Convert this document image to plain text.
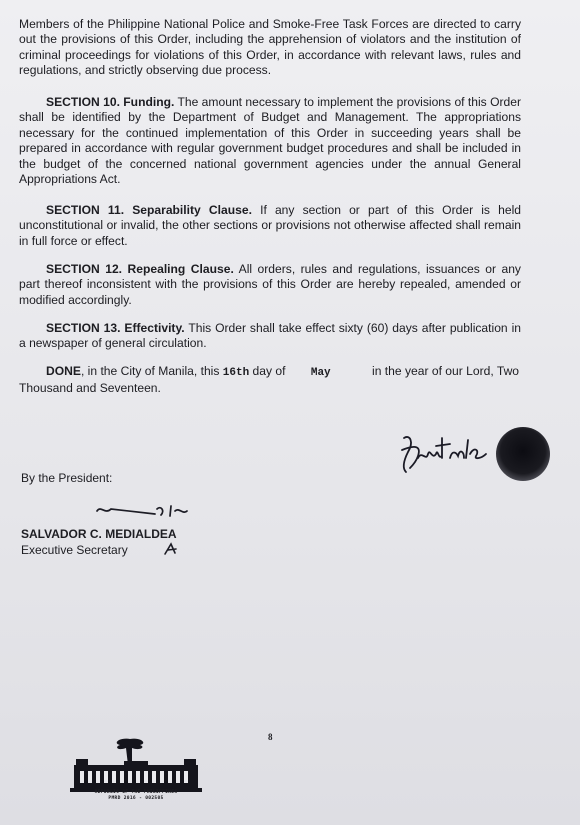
Members of the Philippine National Police and Smoke-Free Task Forces are directed to carry out the provisions of this Order, including the apprehension of violators and the institution of criminal proceedings for violations of this Order, in accordance with relevant laws, rules and regulations, and strictly observing due process.

SECTION 10. Funding. The amount necessary to implement the provisions of this Order shall be identified by the Department of Budget and Management. The appropriations necessary for the continued implementation of this Order in succeeding years shall be prepared in accordance with regular government budget procedures and shall be included in the budget of the concerned national government agencies under the annual General Appropriations Act.

SECTION 11. Separability Clause. If any section or part of this Order is held unconstitutional or invalid, the other sections or provisions not otherwise affected shall remain in full force or effect.

SECTION 12. Repealing Clause. All orders, rules and regulations, issuances or any part thereof inconsistent with the provisions of this Order are hereby repealed, amended or modified accordingly.

SECTION 13. Effectivity. This Order shall take effect sixty (60) days after publication in a newspaper of general circulation.

DONE, in the City of Manila, this 16th day of May	in the year of our Lord, Two Thousand and Seventeen.

By the President:
SALVADOR C. MEDIALDEA
Executive Secretary
8
REPUBLIC OF THE PHILIPPINES
PMRD 2016 - 002505
